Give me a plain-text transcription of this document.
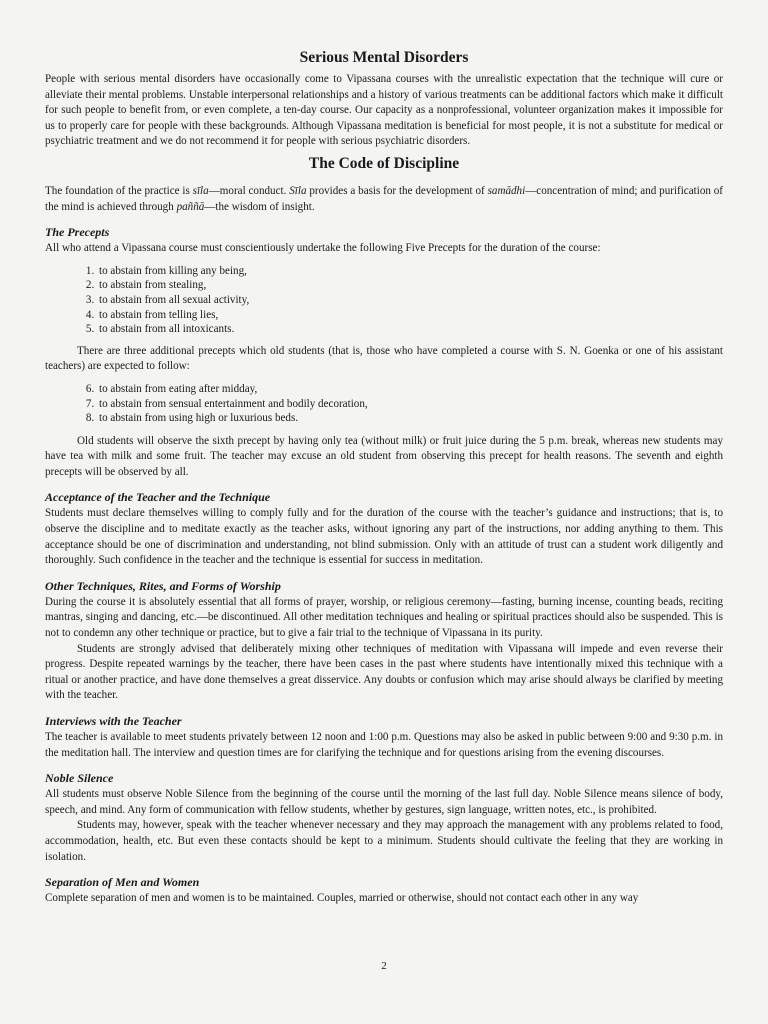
Serious Mental Disorders

People with serious mental disorders have occasionally come to Vipassana courses with the unrealistic expectation that the technique will cure or alleviate their mental problems. Unstable interpersonal relationships and a history of various treatments can be additional factors which make it difficult for such people to benefit from, or even complete, a ten-day course. Our capacity as a nonprofessional, volunteer organization makes it impossible for us to properly care for people with these backgrounds. Although Vipassana meditation is beneficial for most people, it is not a substitute for medical or psychiatric treatment and we do not recommend it for people with serious psychiatric disorders.

The Code of Discipline

The foundation of the practice is sīla—moral conduct. Sīla provides a basis for the development of samādhi—concentration of mind; and purification of the mind is achieved through paññā—the wisdom of insight.

The Precepts

All who attend a Vipassana course must conscientiously undertake the following Five Precepts for the duration of the course:

1. to abstain from killing any being,
2. to abstain from stealing,
3. to abstain from all sexual activity,
4. to abstain from telling lies,
5. to abstain from all intoxicants.

There are three additional precepts which old students (that is, those who have completed a course with S. N. Goenka or one of his assistant teachers) are expected to follow:

6. to abstain from eating after midday,
7. to abstain from sensual entertainment and bodily decoration,
8. to abstain from using high or luxurious beds.

Old students will observe the sixth precept by having only tea (without milk) or fruit juice during the 5 p.m. break, whereas new students may have tea with milk and some fruit. The teacher may excuse an old student from observing this precept for health reasons. The seventh and eighth precepts will be observed by all.

Acceptance of the Teacher and the Technique

Students must declare themselves willing to comply fully and for the duration of the course with the teacher’s guidance and instructions; that is, to observe the discipline and to meditate exactly as the teacher asks, without ignoring any part of the instructions, nor adding anything to them. This acceptance should be one of discrimination and understanding, not blind submission. Only with an attitude of trust can a student work diligently and thoroughly. Such confidence in the teacher and the technique is essential for success in meditation.

Other Techniques, Rites, and Forms of Worship

During the course it is absolutely essential that all forms of prayer, worship, or religious ceremony—fasting, burning incense, counting beads, reciting mantras, singing and dancing, etc.—be discontinued. All other meditation techniques and healing or spiritual practices should also be suspended. This is not to condemn any other technique or practice, but to give a fair trial to the technique of Vipassana in its purity.

Students are strongly advised that deliberately mixing other techniques of meditation with Vipassana will impede and even reverse their progress. Despite repeated warnings by the teacher, there have been cases in the past where students have intentionally mixed this technique with a ritual or another practice, and have done themselves a great disservice. Any doubts or confusion which may arise should always be clarified by meeting with the teacher.

Interviews with the Teacher

The teacher is available to meet students privately between 12 noon and 1:00 p.m. Questions may also be asked in public between 9:00 and 9:30 p.m. in the meditation hall. The interview and question times are for clarifying the technique and for questions arising from the evening discourses.

Noble Silence

All students must observe Noble Silence from the beginning of the course until the morning of the last full day. Noble Silence means silence of body, speech, and mind. Any form of communication with fellow students, whether by gestures, sign language, written notes, etc., is prohibited.

Students may, however, speak with the teacher whenever necessary and they may approach the management with any problems related to food, accommodation, health, etc. But even these contacts should be kept to a minimum. Students should cultivate the feeling that they are working in isolation.

Separation of Men and Women

Complete separation of men and women is to be maintained. Couples, married or otherwise, should not contact each other in any way

2
